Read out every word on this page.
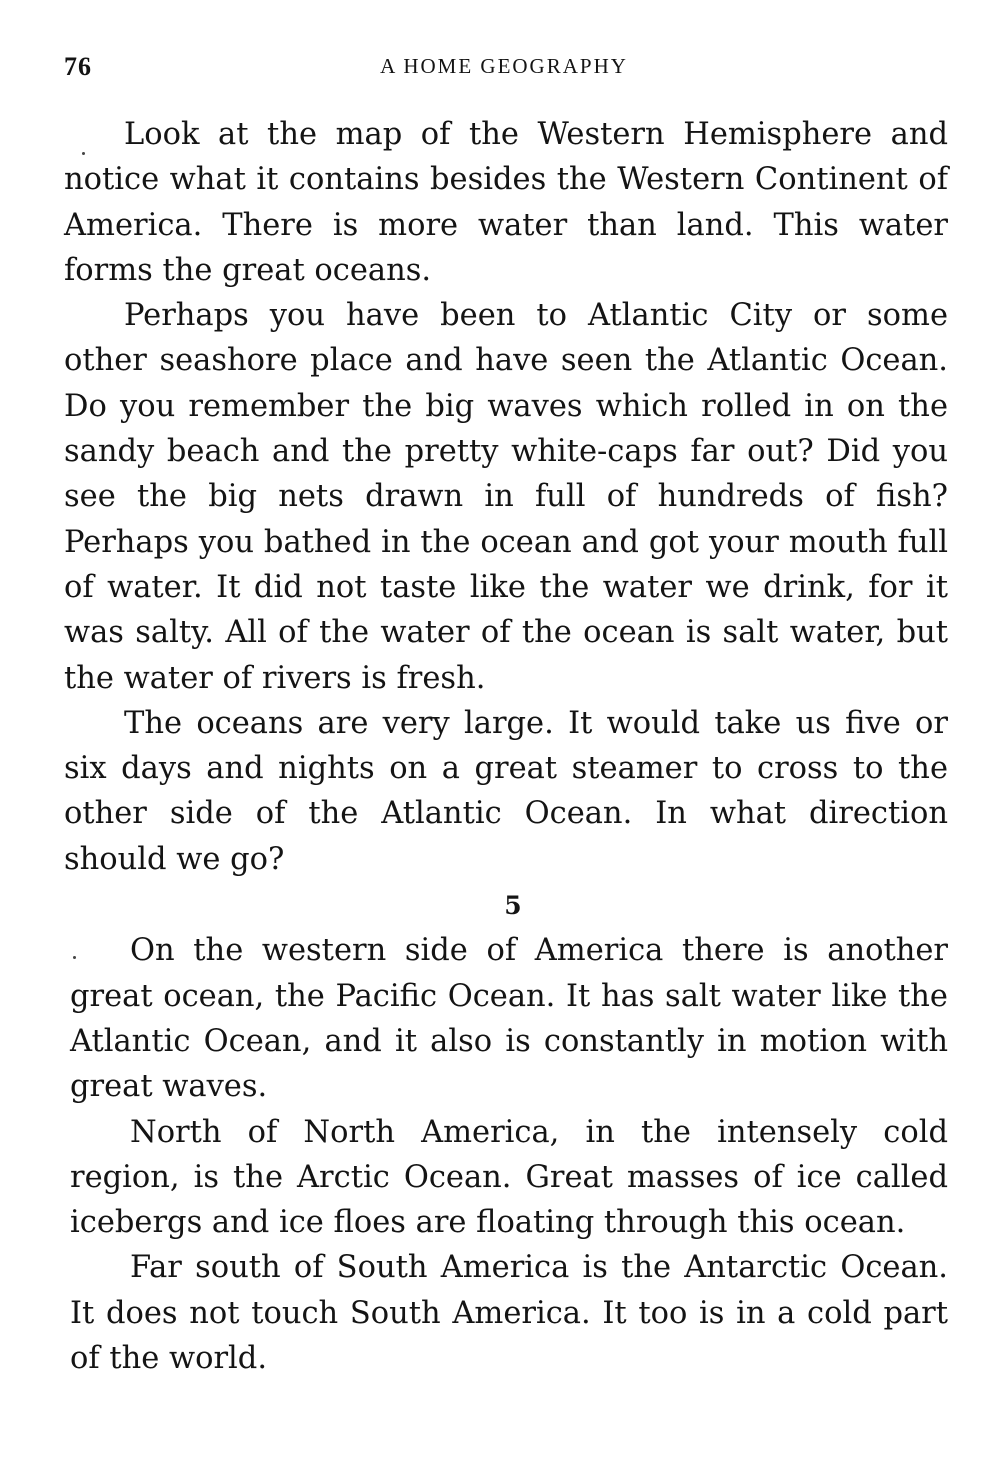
76	A HOME GEOGRAPHY

Look at the map of the Western Hemisphere and notice what it contains besides the Western Continent of America. There is more water than land. This water forms the great oceans.

Perhaps you have been to Atlantic City or some other seashore place and have seen the Atlantic Ocean. Do you remember the big waves which rolled in on the sandy beach and the pretty white-caps far out? Did you see the big nets drawn in full of hundreds of fish? Perhaps you bathed in the ocean and got your mouth full of water. It did not taste like the water we drink, for it was salty. All of the water of the ocean is salt water, but the water of rivers is fresh.

The oceans are very large. It would take us five or six days and nights on a great steamer to cross to the other side of the Atlantic Ocean. In what direction should we go?

5

On the western side of America there is another great ocean, the Pacific Ocean. It has salt water like the Atlantic Ocean, and it also is constantly in motion with great waves.

North of North America, in the intensely cold region, is the Arctic Ocean. Great masses of ice called icebergs and ice floes are floating through this ocean.

Far south of South America is the Antarctic Ocean. It does not touch South America. It too is in a cold part of the world.
